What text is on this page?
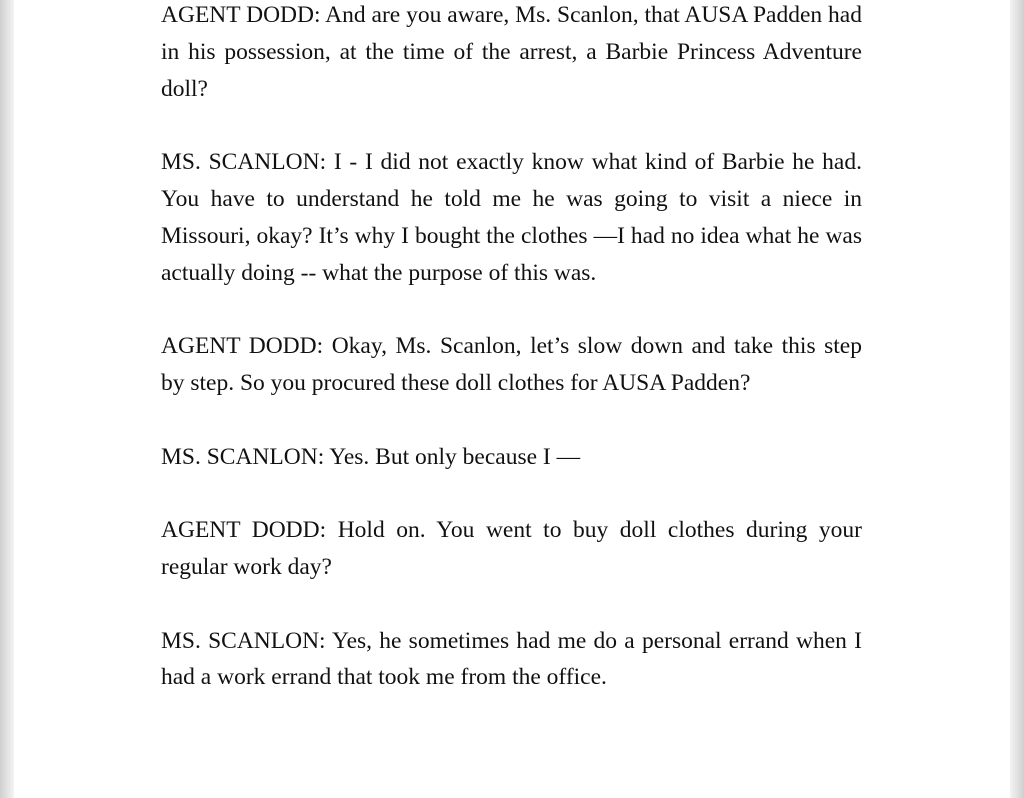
AGENT DODD: And are you aware, Ms. Scanlon, that AUSA Padden had in his possession, at the time of the arrest, a Barbie Princess Adventure doll?

MS. SCANLON: I - I did not exactly know what kind of Barbie he had. You have to understand he told me he was going to visit a niece in Missouri, okay? It’s why I bought the clothes —I had no idea what he was actually doing -- what the purpose of this was.

AGENT DODD: Okay, Ms. Scanlon, let’s slow down and take this step by step. So you procured these doll clothes for AUSA Padden?

MS. SCANLON: Yes. But only because I —

AGENT DODD: Hold on. You went to buy doll clothes during your regular work day?

MS. SCANLON: Yes, he sometimes had me do a personal errand when I had a work errand that took me from the office.
